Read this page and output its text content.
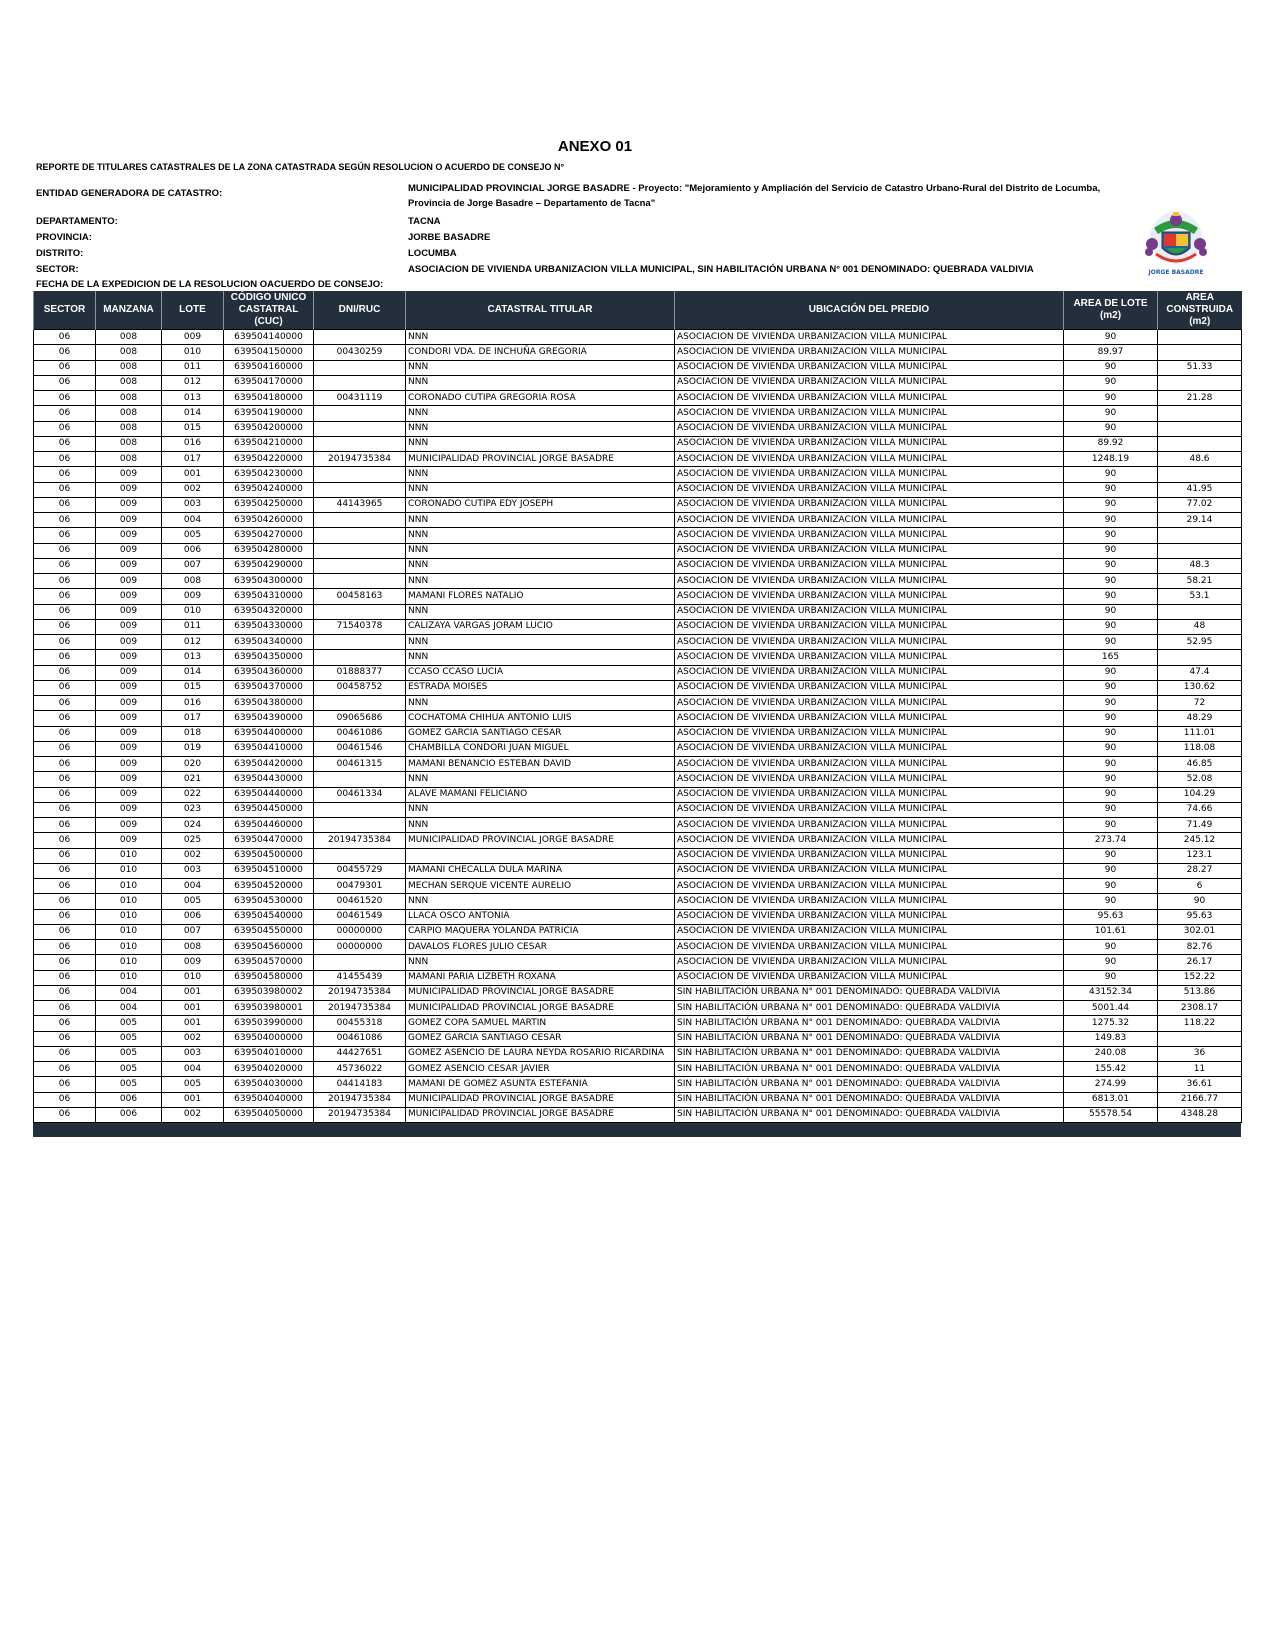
ANEXO 01
REPORTE DE TITULARES CATASTRALES DE LA ZONA CATASTRADA SEGÚN RESOLUCION O ACUERDO DE CONSEJO N°
ENTIDAD GENERADORA DE CATASTRO:	MUNICIPALIDAD PROVINCIAL JORGE BASADRE - Proyecto: "Mejoramiento y Ampliación del Servicio de Catastro Urbano-Rural del Distrito de Locumba,
Provincia de Jorge Basadre – Departamento de Tacna"
DEPARTAMENTO:	TACNA
PROVINCIA:	JORBE BASADRE
DISTRITO:	LOCUMBA
SECTOR:	ASOCIACION DE VIVIENDA URBANIZACION VILLA MUNICIPAL, SIN HABILITACIÓN URBANA N° 001 DENOMINADO: QUEBRADA VALDIVIA
FECHA DE LA EXPEDICION DE LA RESOLUCION OACUERDO DE CONSEJO:
JORGE BASADRE
SECTOR	MANZANA	LOTE	CÓDIGO UNICO CASTATRAL (CUC)	DNI/RUC	CATASTRAL TITULAR	UBICACIÓN DEL PREDIO	AREA DE LOTE (m2)	AREA CONSTRUIDA (m2)
06	008	009	639504140000		NNN	ASOCIACION DE VIVIENDA URBANIZACION VILLA MUNICIPAL	90	
06	008	010	639504150000	00430259	CONDORI VDA. DE INCHUÑA GREGORIA	ASOCIACION DE VIVIENDA URBANIZACION VILLA MUNICIPAL	89.97	
06	008	011	639504160000		NNN	ASOCIACION DE VIVIENDA URBANIZACION VILLA MUNICIPAL	90	51.33
06	008	012	639504170000		NNN	ASOCIACION DE VIVIENDA URBANIZACION VILLA MUNICIPAL	90	
06	008	013	639504180000	00431119	CORONADO CUTIPA GREGORIA ROSA	ASOCIACION DE VIVIENDA URBANIZACION VILLA MUNICIPAL	90	21.28
06	008	014	639504190000		NNN	ASOCIACION DE VIVIENDA URBANIZACION VILLA MUNICIPAL	90	
06	008	015	639504200000		NNN	ASOCIACION DE VIVIENDA URBANIZACION VILLA MUNICIPAL	90	
06	008	016	639504210000		NNN	ASOCIACION DE VIVIENDA URBANIZACION VILLA MUNICIPAL	89.92	
06	008	017	639504220000	20194735384	MUNICIPALIDAD PROVINCIAL JORGE BASADRE	ASOCIACION DE VIVIENDA URBANIZACION VILLA MUNICIPAL	1248.19	48.6
06	009	001	639504230000		NNN	ASOCIACION DE VIVIENDA URBANIZACION VILLA MUNICIPAL	90	
06	009	002	639504240000		NNN	ASOCIACION DE VIVIENDA URBANIZACION VILLA MUNICIPAL	90	41.95
06	009	003	639504250000	44143965	CORONADO CUTIPA EDY JOSEPH	ASOCIACION DE VIVIENDA URBANIZACION VILLA MUNICIPAL	90	77.02
06	009	004	639504260000		NNN	ASOCIACION DE VIVIENDA URBANIZACION VILLA MUNICIPAL	90	29.14
06	009	005	639504270000		NNN	ASOCIACION DE VIVIENDA URBANIZACION VILLA MUNICIPAL	90	
06	009	006	639504280000		NNN	ASOCIACION DE VIVIENDA URBANIZACION VILLA MUNICIPAL	90	
06	009	007	639504290000		NNN	ASOCIACION DE VIVIENDA URBANIZACION VILLA MUNICIPAL	90	48.3
06	009	008	639504300000		NNN	ASOCIACION DE VIVIENDA URBANIZACION VILLA MUNICIPAL	90	58.21
06	009	009	639504310000	00458163	MAMANI FLORES NATALIO	ASOCIACION DE VIVIENDA URBANIZACION VILLA MUNICIPAL	90	53.1
06	009	010	639504320000		NNN	ASOCIACION DE VIVIENDA URBANIZACION VILLA MUNICIPAL	90	
06	009	011	639504330000	71540378	CALIZAYA VARGAS JORAM LUCIO	ASOCIACION DE VIVIENDA URBANIZACION VILLA MUNICIPAL	90	48
06	009	012	639504340000		NNN	ASOCIACION DE VIVIENDA URBANIZACION VILLA MUNICIPAL	90	52.95
06	009	013	639504350000		NNN	ASOCIACION DE VIVIENDA URBANIZACION VILLA MUNICIPAL	165	
06	009	014	639504360000	01888377	CCASO CCASO LUCIA	ASOCIACION DE VIVIENDA URBANIZACION VILLA MUNICIPAL	90	47.4
06	009	015	639504370000	00458752	ESTRADA MOISES	ASOCIACION DE VIVIENDA URBANIZACION VILLA MUNICIPAL	90	130.62
06	009	016	639504380000		NNN	ASOCIACION DE VIVIENDA URBANIZACION VILLA MUNICIPAL	90	72
06	009	017	639504390000	09065686	COCHATOMA CHIHUA ANTONIO LUIS	ASOCIACION DE VIVIENDA URBANIZACION VILLA MUNICIPAL	90	48.29
06	009	018	639504400000	00461086	GOMEZ GARCIA SANTIAGO CESAR	ASOCIACION DE VIVIENDA URBANIZACION VILLA MUNICIPAL	90	111.01
06	009	019	639504410000	00461546	CHAMBILLA CONDORI JUAN MIGUEL	ASOCIACION DE VIVIENDA URBANIZACION VILLA MUNICIPAL	90	118.08
06	009	020	639504420000	00461315	MAMANI BENANCIO ESTEBAN DAVID	ASOCIACION DE VIVIENDA URBANIZACION VILLA MUNICIPAL	90	46.85
06	009	021	639504430000		NNN	ASOCIACION DE VIVIENDA URBANIZACION VILLA MUNICIPAL	90	52.08
06	009	022	639504440000	00461334	ALAVE MAMANI FELICIANO	ASOCIACION DE VIVIENDA URBANIZACION VILLA MUNICIPAL	90	104.29
06	009	023	639504450000		NNN	ASOCIACION DE VIVIENDA URBANIZACION VILLA MUNICIPAL	90	74.66
06	009	024	639504460000		NNN	ASOCIACION DE VIVIENDA URBANIZACION VILLA MUNICIPAL	90	71.49
06	009	025	639504470000	20194735384	MUNICIPALIDAD PROVINCIAL JORGE BASADRE	ASOCIACION DE VIVIENDA URBANIZACION VILLA MUNICIPAL	273.74	245.12
06	010	002	639504500000			ASOCIACION DE VIVIENDA URBANIZACION VILLA MUNICIPAL	90	123.1
06	010	003	639504510000	00455729	MAMANI CHECALLA DULA MARINA	ASOCIACION DE VIVIENDA URBANIZACION VILLA MUNICIPAL	90	28.27
06	010	004	639504520000	00479301	MECHAN SERQUE VICENTE AURELIO	ASOCIACION DE VIVIENDA URBANIZACION VILLA MUNICIPAL	90	6
06	010	005	639504530000	00461520	NNN	ASOCIACION DE VIVIENDA URBANIZACION VILLA MUNICIPAL	90	90
06	010	006	639504540000	00461549	LLACA OSCO ANTONIA	ASOCIACION DE VIVIENDA URBANIZACION VILLA MUNICIPAL	95.63	95.63
06	010	007	639504550000	00000000	CARPIO MAQUERA YOLANDA PATRICIA	ASOCIACION DE VIVIENDA URBANIZACION VILLA MUNICIPAL	101.61	302.01
06	010	008	639504560000	00000000	DAVALOS FLORES JULIO CESAR	ASOCIACION DE VIVIENDA URBANIZACION VILLA MUNICIPAL	90	82.76
06	010	009	639504570000		NNN	ASOCIACION DE VIVIENDA URBANIZACION VILLA MUNICIPAL	90	26.17
06	010	010	639504580000	41455439	MAMANI PARIA LIZBETH ROXANA	ASOCIACION DE VIVIENDA URBANIZACION VILLA MUNICIPAL	90	152.22
06	004	001	639503980002	20194735384	MUNICIPALIDAD PROVINCIAL JORGE BASADRE	SIN HABILITACIÓN URBANA N° 001 DENOMINADO: QUEBRADA VALDIVIA	43152.34	513.86
06	004	001	639503980001	20194735384	MUNICIPALIDAD PROVINCIAL JORGE BASADRE	SIN HABILITACIÓN URBANA N° 001 DENOMINADO: QUEBRADA VALDIVIA	5001.44	2308.17
06	005	001	639503990000	00455318	GOMEZ COPA SAMUEL MARTIN	SIN HABILITACIÓN URBANA N° 001 DENOMINADO: QUEBRADA VALDIVIA	1275.32	118.22
06	005	002	639504000000	00461086	GOMEZ GARCIA SANTIAGO CESAR	SIN HABILITACIÓN URBANA N° 001 DENOMINADO: QUEBRADA VALDIVIA	149.83	
06	005	003	639504010000	44427651	GOMEZ ASENCIO DE LAURA NEYDA ROSARIO RICARDINA	SIN HABILITACIÓN URBANA N° 001 DENOMINADO: QUEBRADA VALDIVIA	240.08	36
06	005	004	639504020000	45736022	GOMEZ ASENCIO CESAR JAVIER	SIN HABILITACIÓN URBANA N° 001 DENOMINADO: QUEBRADA VALDIVIA	155.42	11
06	005	005	639504030000	04414183	MAMANI DE GOMEZ ASUNTA ESTEFANIA	SIN HABILITACIÓN URBANA N° 001 DENOMINADO: QUEBRADA VALDIVIA	274.99	36.61
06	006	001	639504040000	20194735384	MUNICIPALIDAD PROVINCIAL JORGE BASADRE	SIN HABILITACIÓN URBANA N° 001 DENOMINADO: QUEBRADA VALDIVIA	6813.01	2166.77
06	006	002	639504050000	20194735384	MUNICIPALIDAD PROVINCIAL JORGE BASADRE	SIN HABILITACIÓN URBANA N° 001 DENOMINADO: QUEBRADA VALDIVIA	55578.54	4348.28
